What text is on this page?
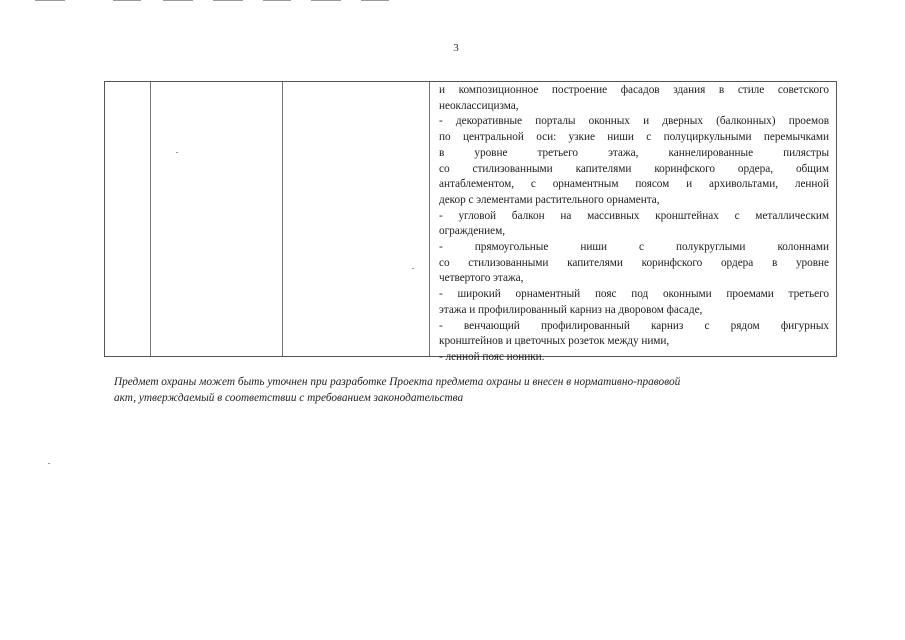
3
и композиционное построение фасадов здания в стиле советского
неоклассицизма,
- декоративные порталы оконных и дверных (балконных) проемов
по центральной оси: узкие ниши с полуциркульными перемычками
в уровне третьего этажа, каннелированные пилястры
со стилизованными капителями коринфского ордера, общим
антаблементом, с орнаментным поясом и архивольтами, ленной
декор с элементами растительного орнамента,
- угловой балкон на массивных кронштейнах с металлическим
ограждением,
- прямоугольные ниши с полукруглыми колоннами
со стилизованными капителями коринфского ордера в уровне
четвертого этажа,
- широкий орнаментный пояс под оконными проемами третьего
этажа и профилированный карниз на дворовом фасаде,
- венчающий профилированный карниз с рядом фигурных
кронштейнов и цветочных розеток между ними,
- ленной пояс ионики.
Предмет охраны может быть уточнен при разработке Проекта предмета охраны и внесен в нормативно-правовой
акт, утверждаемый в соответствии с требованием законодательства
